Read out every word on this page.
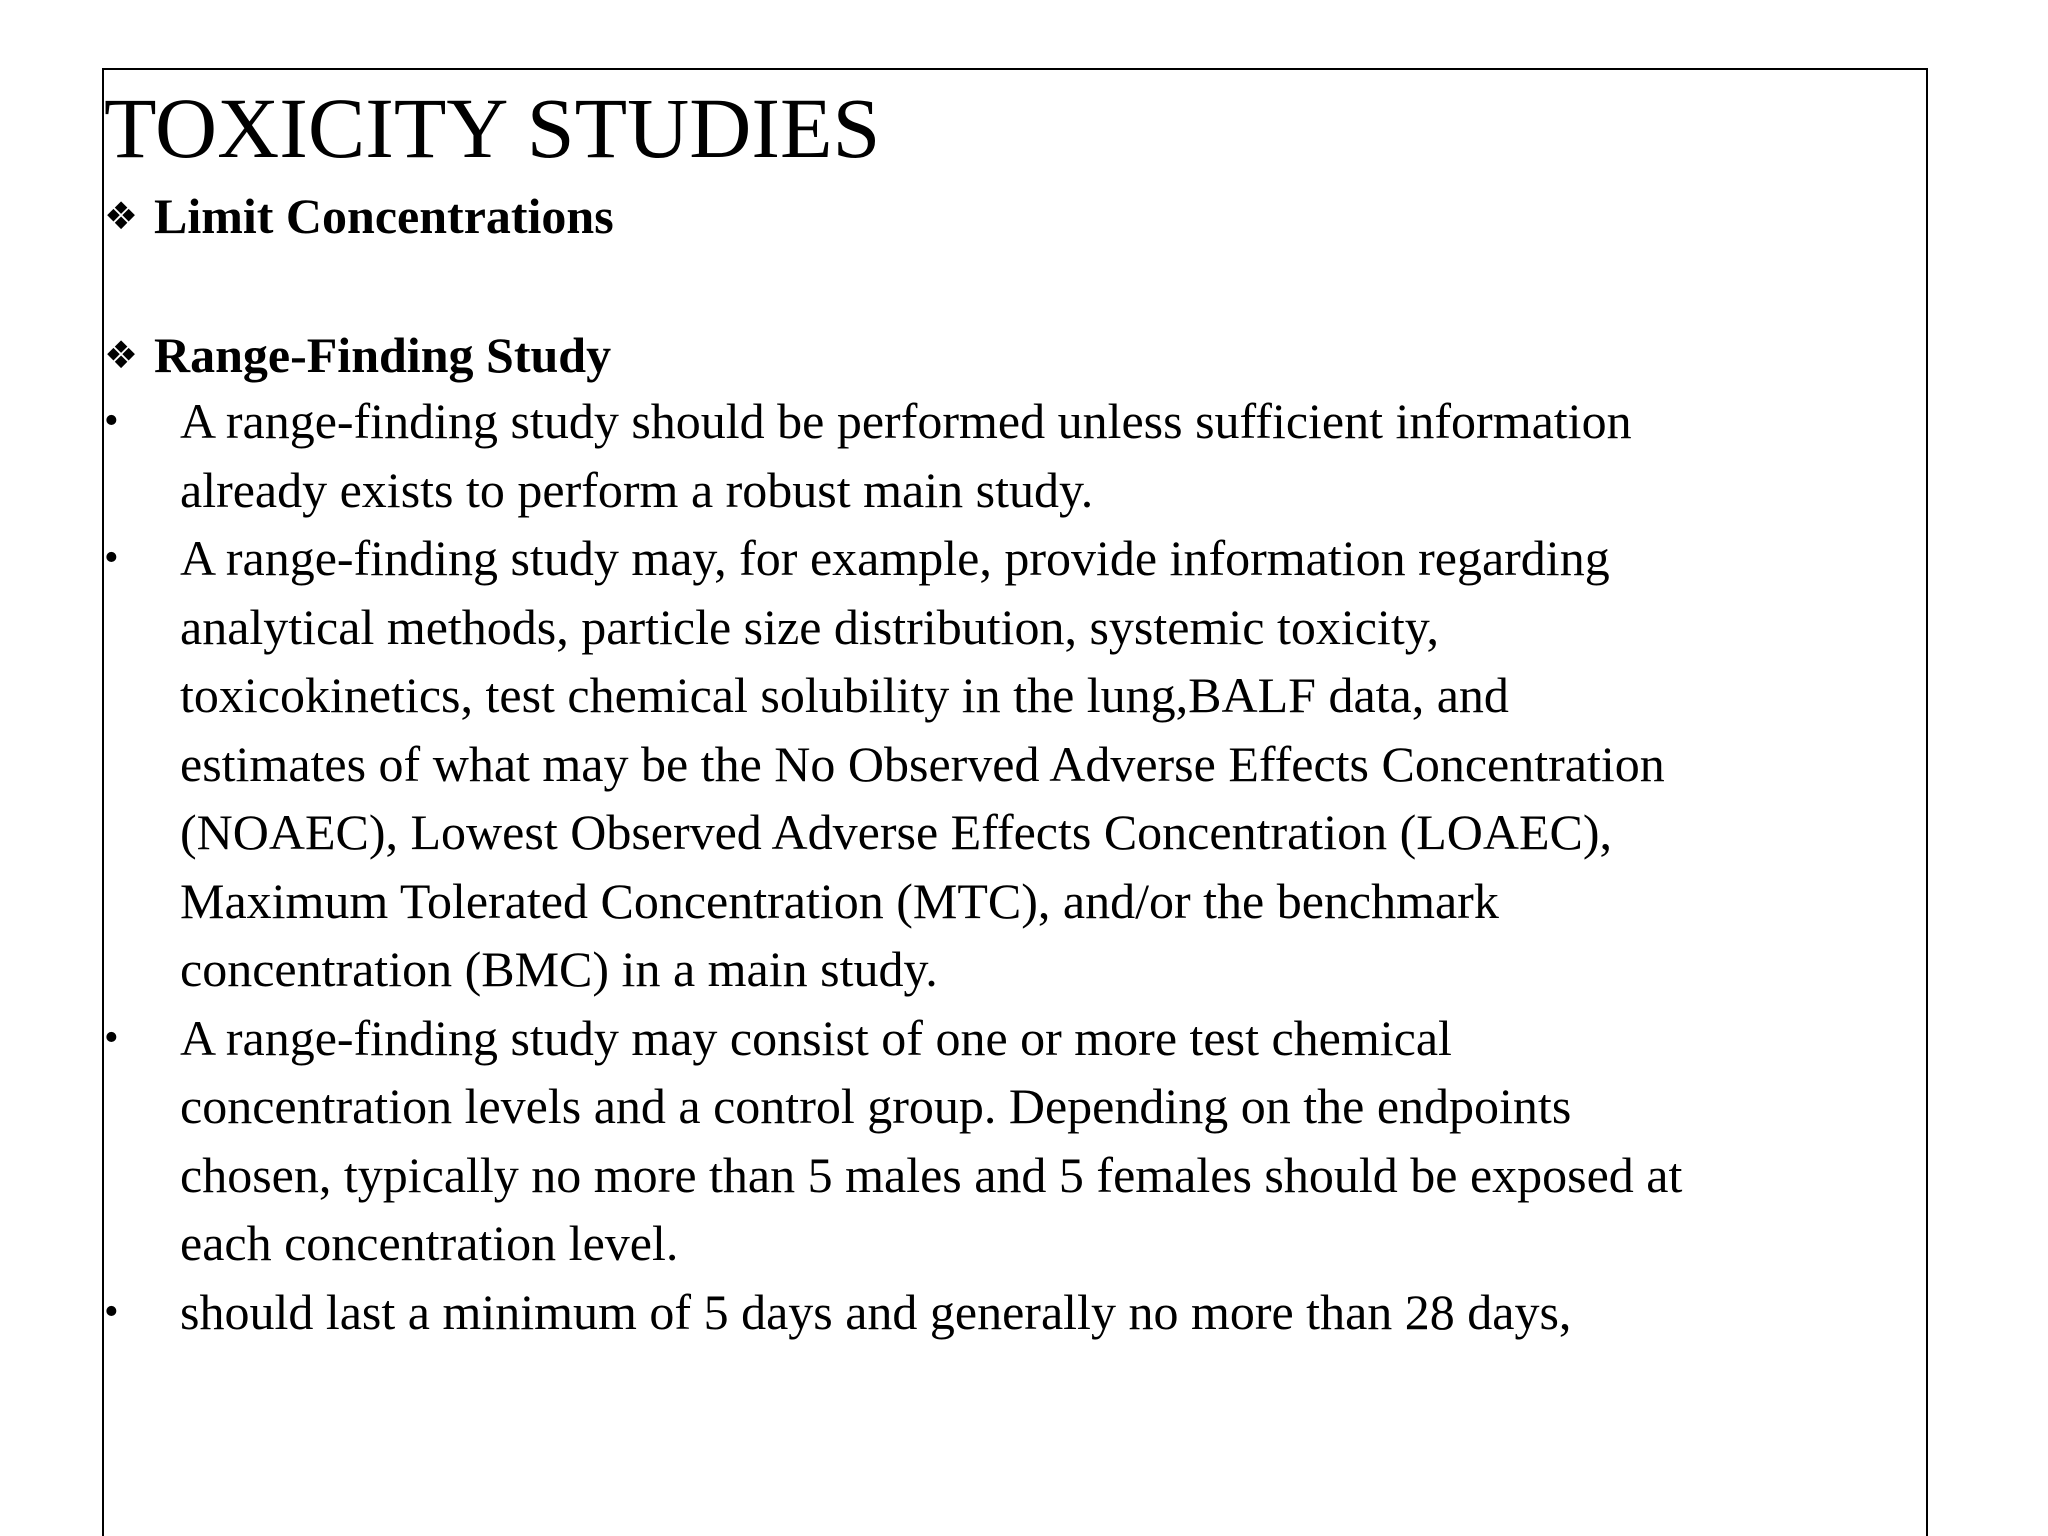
TOXICITY STUDIES
❖ Limit Concentrations
❖ Range-Finding Study
• A range-finding study should be performed unless sufficient information
already exists to perform a robust main study.
• A range-finding study may, for example, provide information regarding
analytical methods, particle size distribution, systemic toxicity,
toxicokinetics, test chemical solubility in the lung,BALF data, and
estimates of what may be the No Observed Adverse Effects Concentration
(NOAEC), Lowest Observed Adverse Effects Concentration (LOAEC),
Maximum Tolerated Concentration (MTC), and/or the benchmark
concentration (BMC) in a main study.
• A range-finding study may consist of one or more test chemical
concentration levels and a control group. Depending on the endpoints
chosen, typically no more than 5 males and 5 females should be exposed at
each concentration level.
• should last a minimum of 5 days and generally no more than 28 days,
